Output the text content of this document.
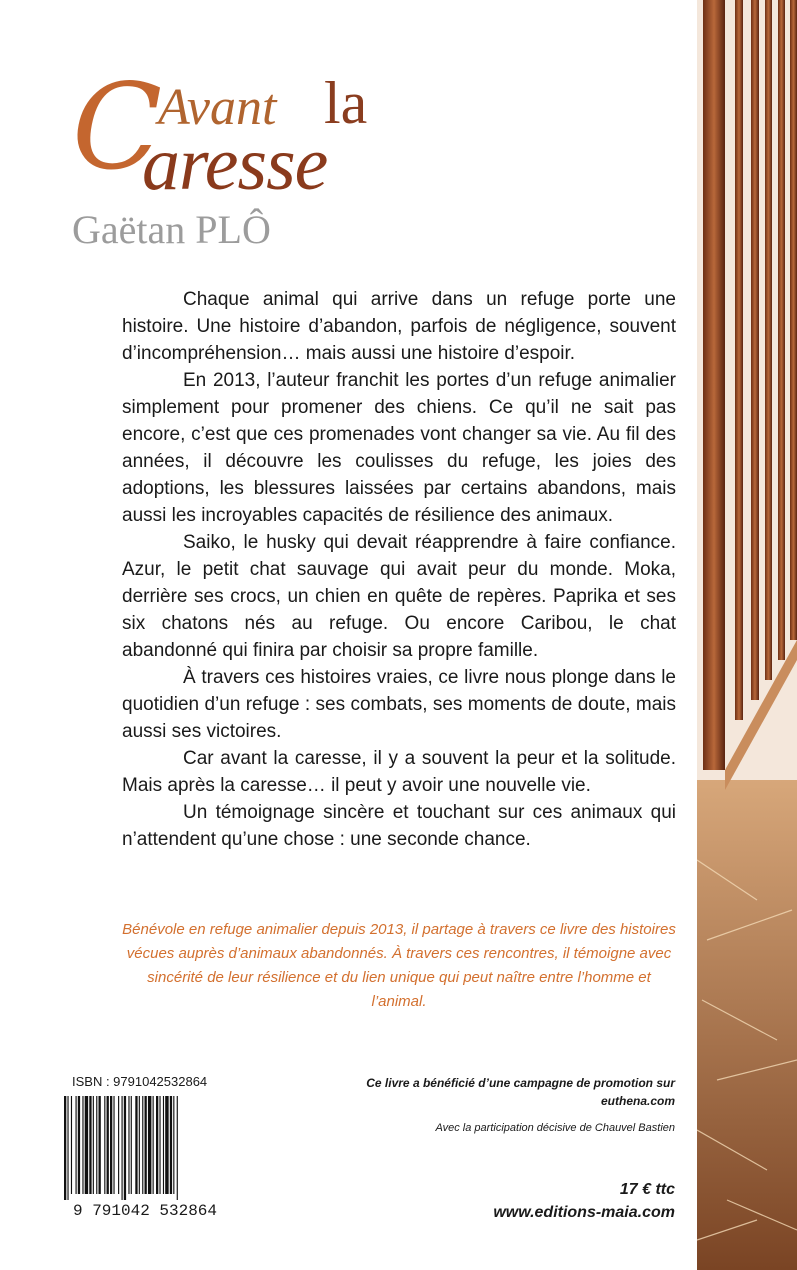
C
Avant la
aresse
Gaëtan PLÔ

Chaque animal qui arrive dans un refuge porte une histoire. Une histoire d’abandon, parfois de négligence, souvent d’incompréhension… mais aussi une histoire d’espoir.

En 2013, l’auteur franchit les portes d’un refuge animalier simplement pour promener des chiens. Ce qu’il ne sait pas encore, c’est que ces promenades vont changer sa vie. Au fil des années, il découvre les coulisses du refuge, les joies des adoptions, les blessures laissées par certains abandons, mais aussi les incroyables capacités de résilience des animaux.

Saiko, le husky qui devait réapprendre à faire confiance. Azur, le petit chat sauvage qui avait peur du monde. Moka, derrière ses crocs, un chien en quête de repères. Paprika et ses six chatons nés au refuge. Ou encore Caribou, le chat abandonné qui finira par choisir sa propre famille.

À travers ces histoires vraies, ce livre nous plonge dans le quotidien d’un refuge : ses combats, ses moments de doute, mais aussi ses victoires.

Car avant la caresse, il y a souvent la peur et la solitude. Mais après la caresse… il peut y avoir une nouvelle vie.

Un témoignage sincère et touchant sur ces animaux qui n’attendent qu’une chose : une seconde chance.

Bénévole en refuge animalier depuis 2013, il partage à travers ce livre des histoires vécues auprès d’animaux abandonnés. À travers ces rencontres, il témoigne avec sincérité de leur résilience et du lien unique qui peut naître entre l’homme et l’animal.
ISBN : 9791042532864
9 791042 532864
Ce livre a bénéficié d’une campagne de promotion sur euthena.com
Avec la participation décisive de Chauvel Bastien
17 € ttc
www.editions-maia.com
